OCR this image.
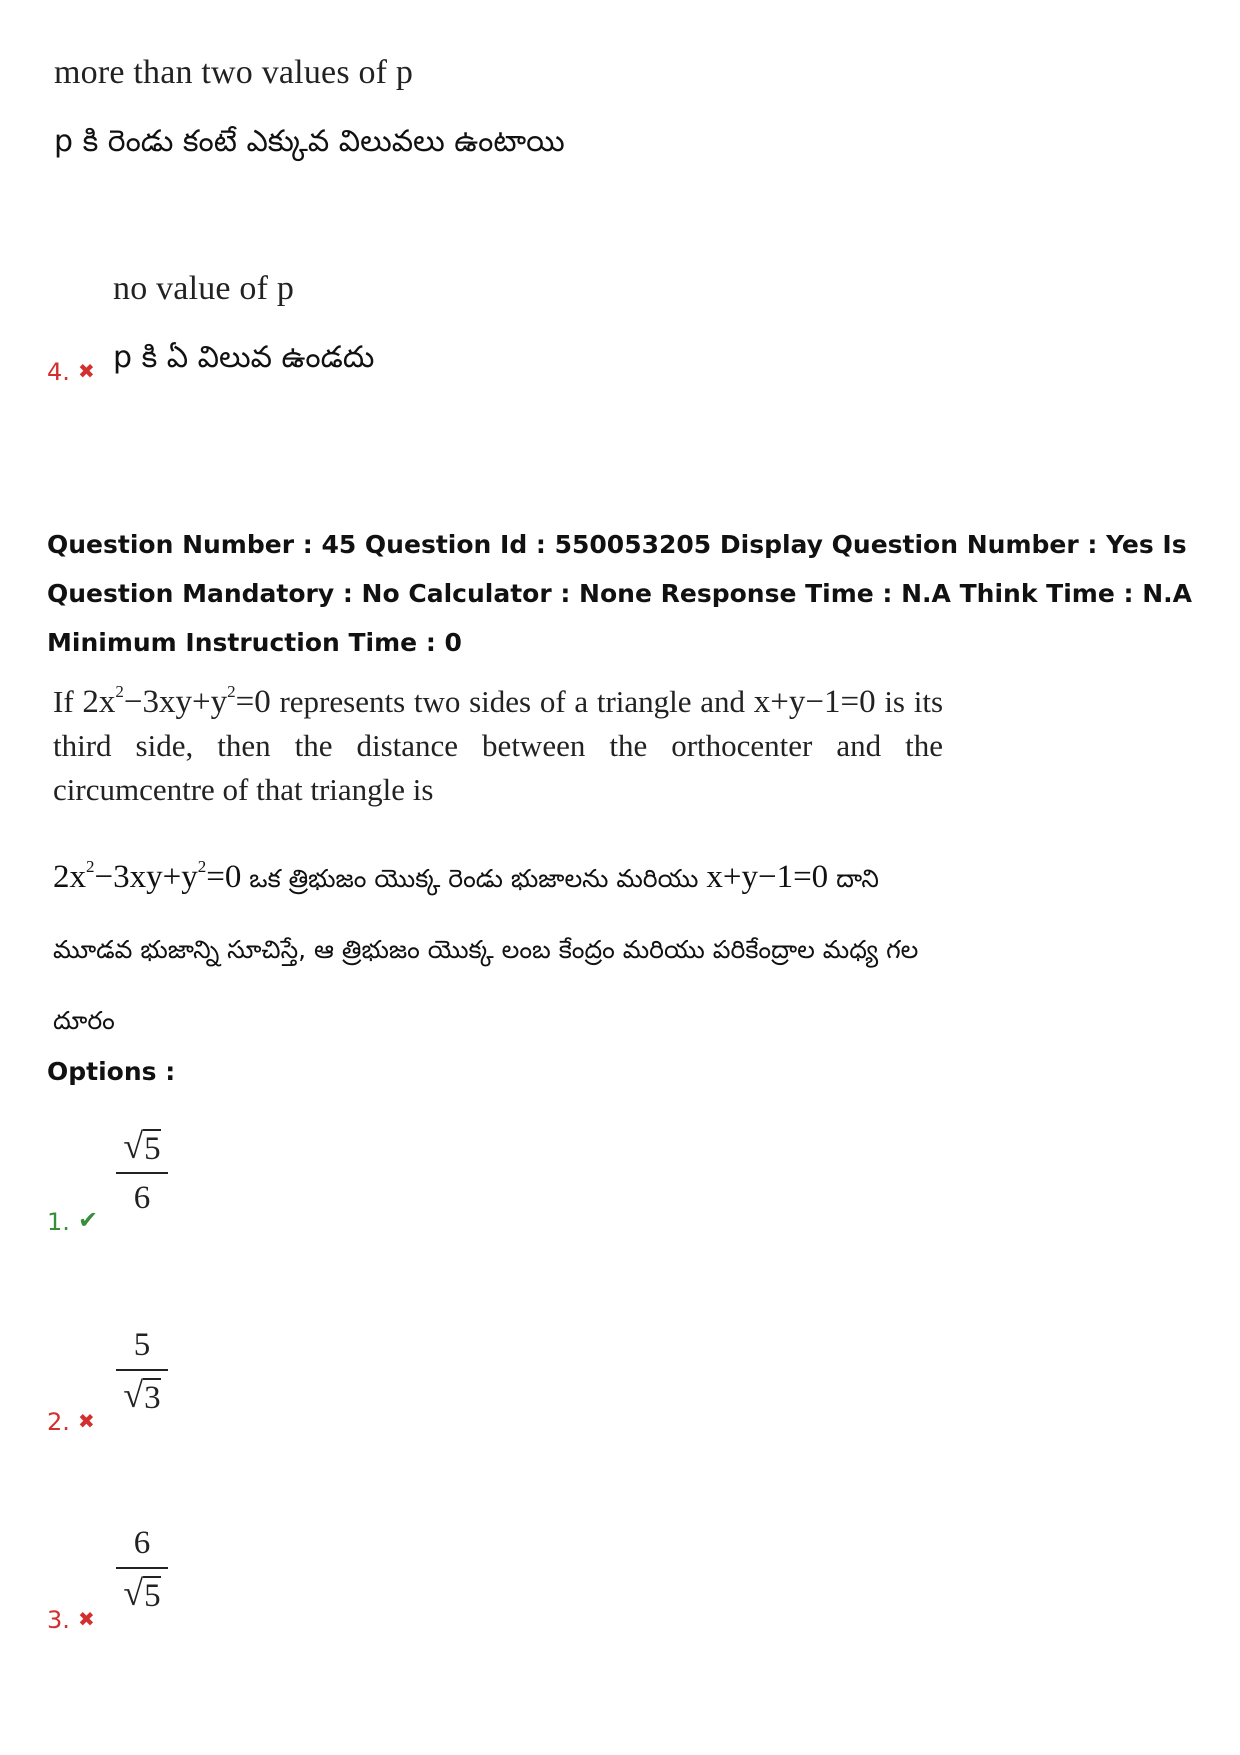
more than two values of p
p కి రెండు కంటే ఎక్కువ విలువలు ఉంటాయి
no value of p
4. ✖ p కి ఏ విలువ ఉండదు
Question Number : 45 Question Id : 550053205 Display Question Number : Yes Is Question Mandatory : No Calculator : None Response Time : N.A Think Time : N.A Minimum Instruction Time : 0
If $2x^2-3xy+y^2=0$ represents two sides of a triangle and x+y−1=0 is its third side, then the distance between the orthocenter and the circumcentre of that triangle is
$2x^2-3xy+y^2=0$ ఒక త్రిభుజం యొక్క రెండు భుజాలను మరియు x+y−1=0 దాని మూడవ భుజాన్ని సూచిస్తే, ఆ త్రిభుజం యొక్క లంబ కేంద్రం మరియు పరికేంద్రాల మధ్య గల దూరం
Options :
1. ✔
√ 5
6
2. ✖
5
√ 3
3. ✖
6
√ 5
